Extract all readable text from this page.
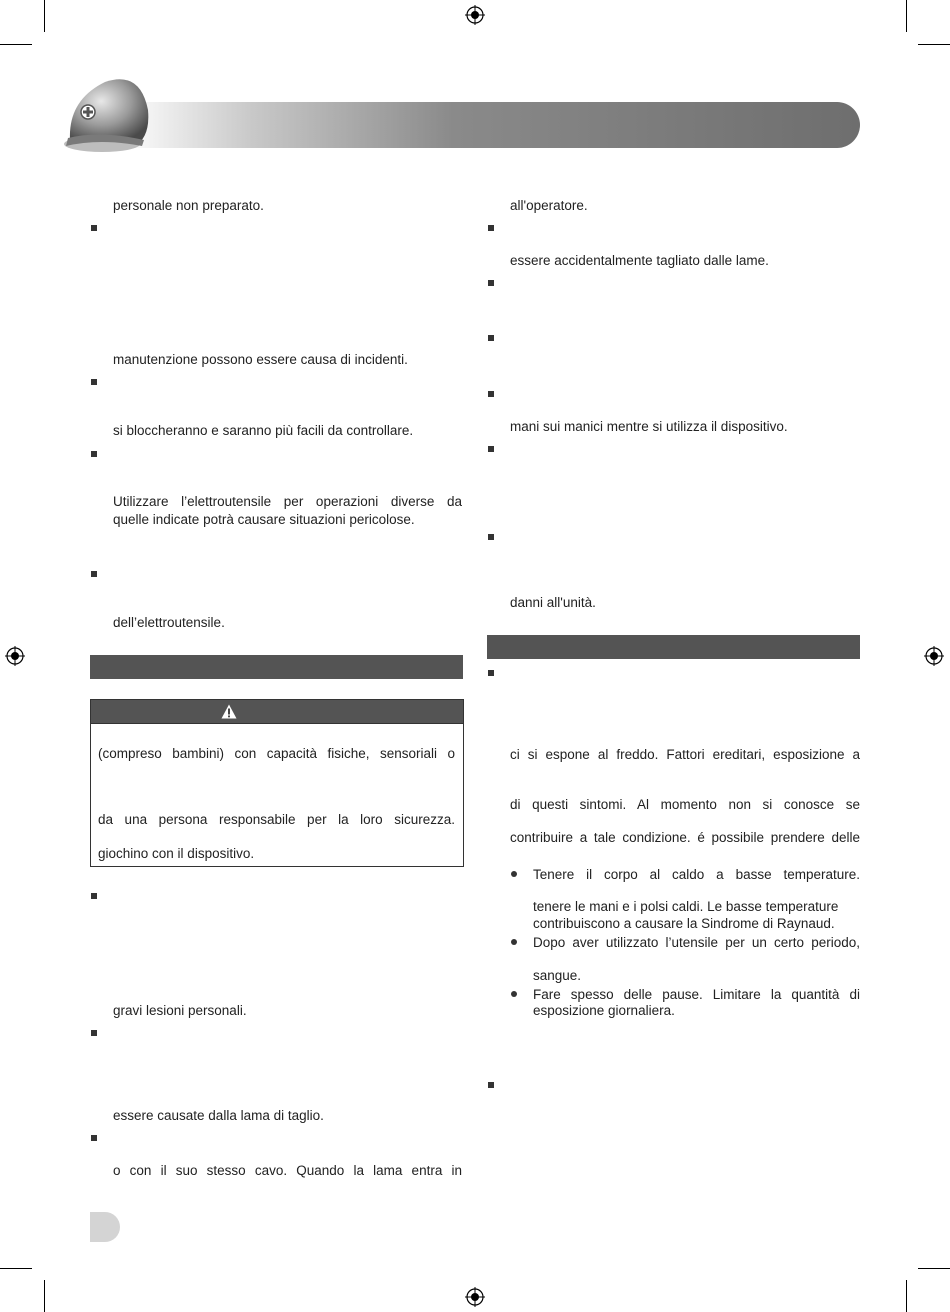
personale non preparato.
manutenzione possono essere causa di incidenti.
si bloccheranno e saranno più facili da controllare.
Utilizzare l’elettroutensile per operazioni diverse da
quelle indicate potrà causare situazioni pericolose.
dell’elettroutensile.
(compreso bambini) con capacità fisiche, sensoriali o
da una persona responsabile per la loro sicurezza.
giochino con il dispositivo.
gravi lesioni personali.
essere causate dalla lama di taglio.
o con il suo stesso cavo. Quando la lama entra in
all'operatore.
essere accidentalmente tagliato dalle lame.
mani sui manici mentre si utilizza il dispositivo.
danni all'unità.
ci si espone al freddo. Fattori ereditari, esposizione a
di questi sintomi. Al momento non si conosce se
contribuire a tale condizione. é possibile prendere delle
Tenere il corpo al caldo a basse temperature.
tenere le mani e i polsi caldi. Le basse temperature
contribuiscono a causare la Sindrome di Raynaud.
Dopo aver utilizzato l’utensile per un certo periodo,
sangue.
Fare spesso delle pause. Limitare la quantità di
esposizione giornaliera.
